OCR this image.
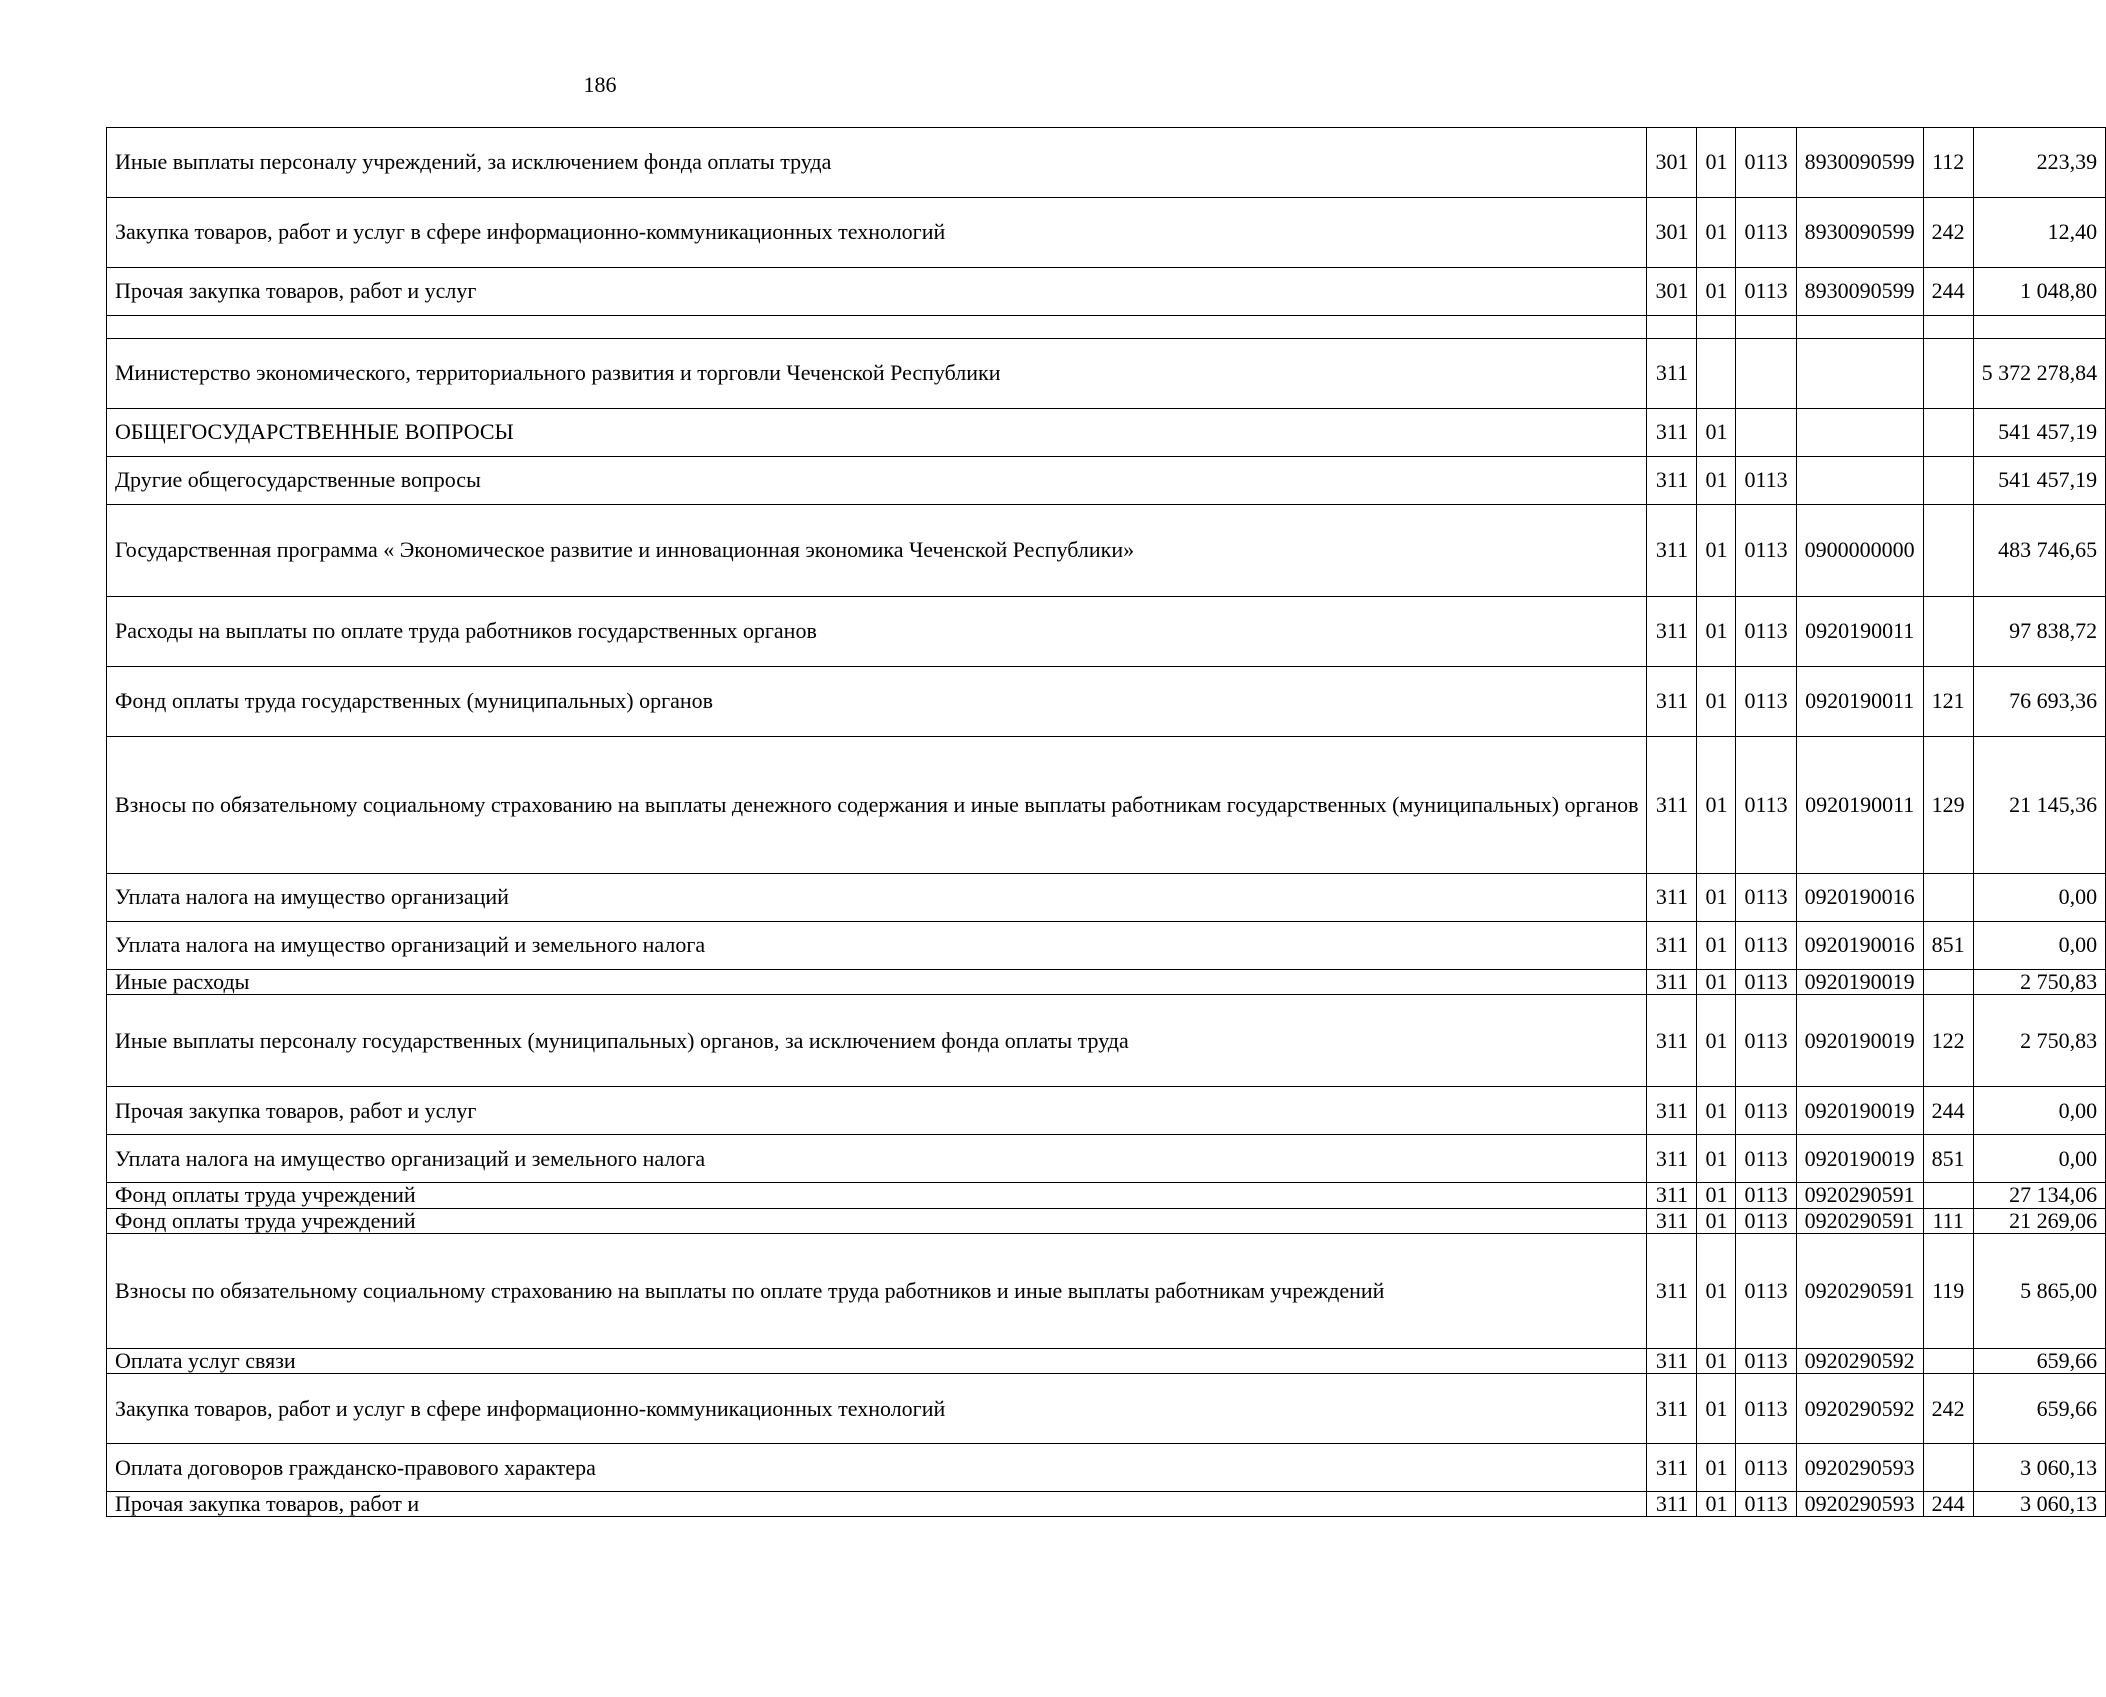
186
Иные выплаты персоналу учреждений, за исключением фонда оплаты труда	301	01	0113	8930090599	112	223,39
Закупка товаров, работ и услуг в сфере информационно-коммуникационных технологий	301	01	0113	8930090599	242	12,40
Прочая закупка товаров, работ и услуг	301	01	0113	8930090599	244	1 048,80

Министерство экономического, территориального развития и торговли Чеченской Республики	311					5 372 278,84
ОБЩЕГОСУДАРСТВЕННЫЕ ВОПРОСЫ	311	01				541 457,19
Другие общегосударственные вопросы	311	01	0113			541 457,19
Государственная программа « Экономическое развитие и инновационная экономика Чеченской Республики»	311	01	0113	0900000000		483 746,65
Расходы на выплаты по оплате труда работников государственных органов	311	01	0113	0920190011		97 838,72
Фонд оплаты труда государственных (муниципальных) органов	311	01	0113	0920190011	121	76 693,36
Взносы по обязательному социальному страхованию на выплаты денежного содержания и иные выплаты работникам государственных (муниципальных) органов	311	01	0113	0920190011	129	21 145,36
Уплата налога на имущество организаций	311	01	0113	0920190016		0,00
Уплата налога на имущество организаций и земельного налога	311	01	0113	0920190016	851	0,00
Иные расходы	311	01	0113	0920190019		2 750,83
Иные выплаты персоналу государственных (муниципальных) органов, за исключением фонда оплаты труда	311	01	0113	0920190019	122	2 750,83
Прочая закупка товаров, работ и услуг	311	01	0113	0920190019	244	0,00
Уплата налога на имущество организаций и земельного налога	311	01	0113	0920190019	851	0,00
Фонд оплаты труда учреждений	311	01	0113	0920290591		27 134,06
Фонд оплаты труда учреждений	311	01	0113	0920290591	111	21 269,06
Взносы по обязательному социальному страхованию на выплаты по оплате труда работников и иные выплаты работникам учреждений	311	01	0113	0920290591	119	5 865,00
Оплата услуг связи	311	01	0113	0920290592		659,66
Закупка товаров, работ и услуг в сфере информационно-коммуникационных технологий	311	01	0113	0920290592	242	659,66
Оплата договоров гражданско-правового характера	311	01	0113	0920290593		3 060,13
Прочая закупка товаров, работ и	311	01	0113	0920290593	244	3 060,13
